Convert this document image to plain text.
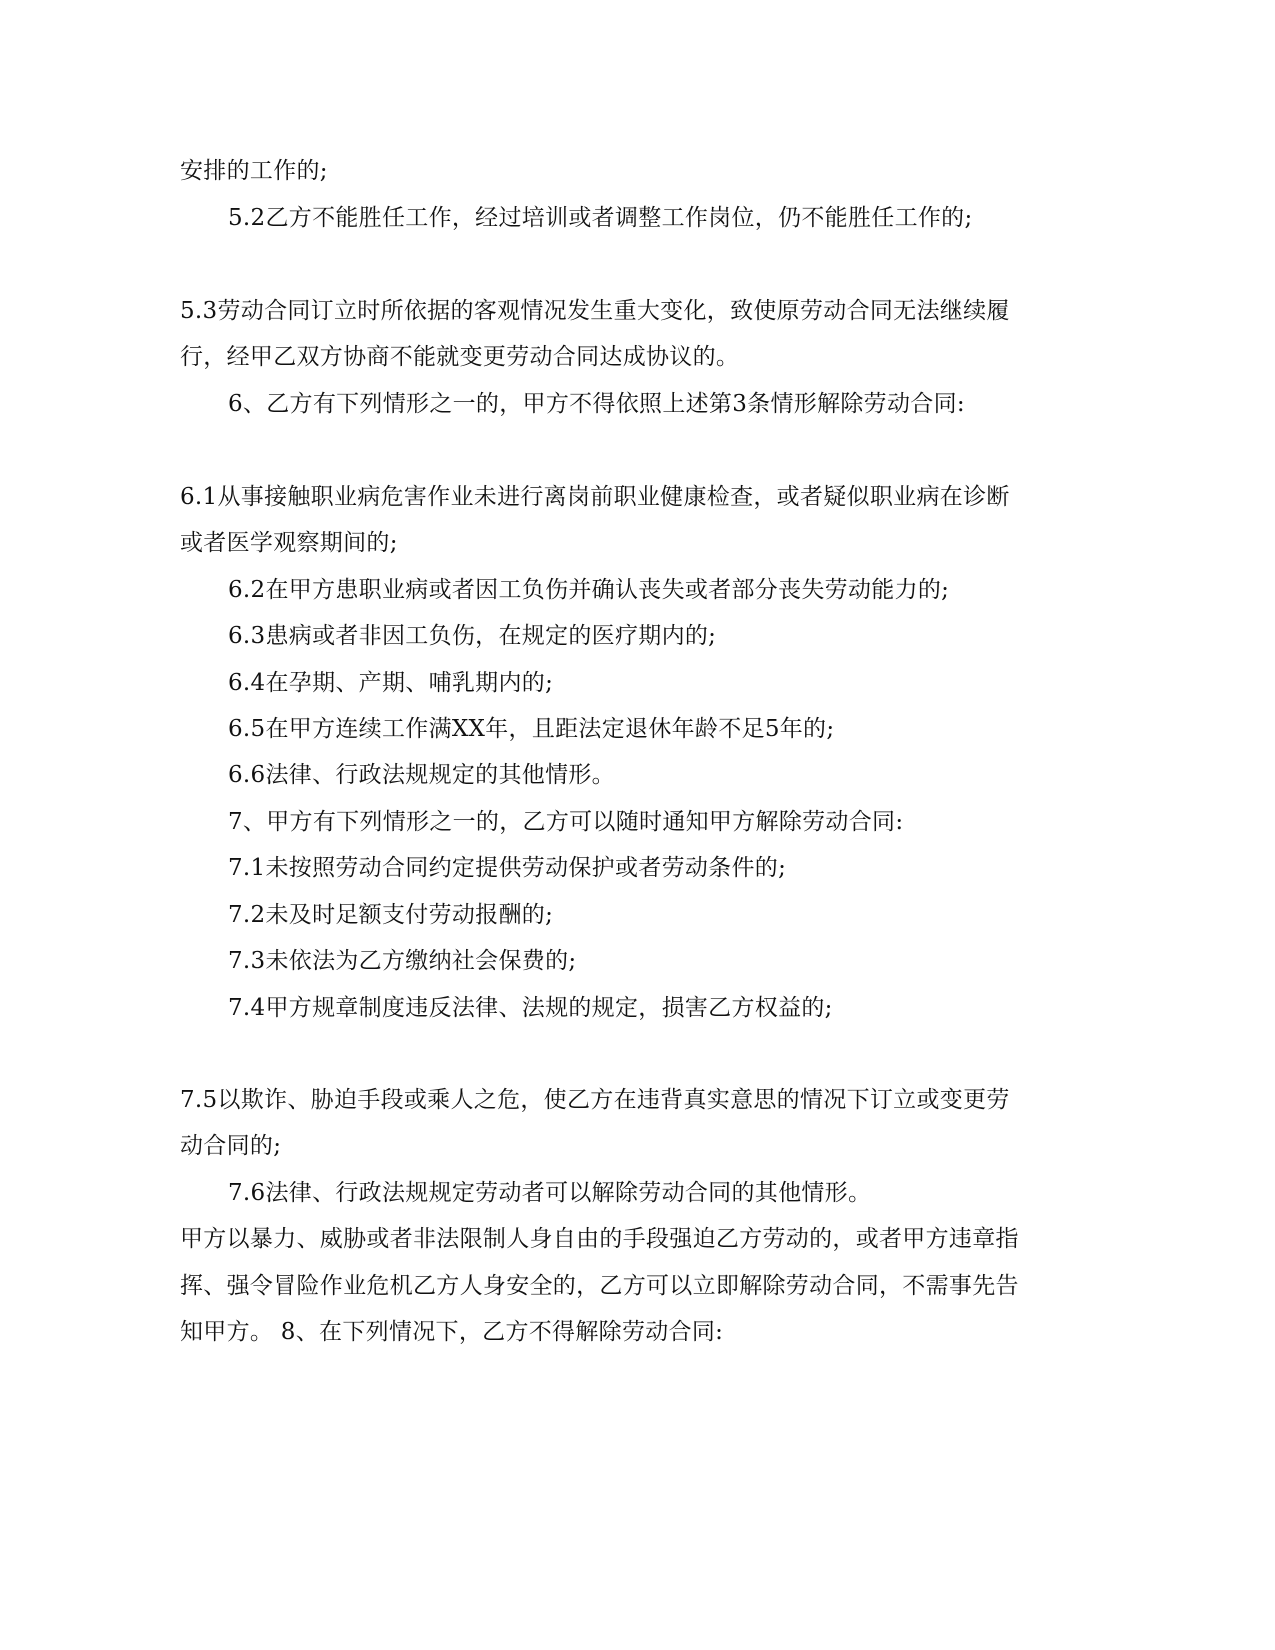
安排的工作的;
5.2乙方不能胜任工作，经过培训或者调整工作岗位，仍不能胜任工作的;
5.3劳动合同订立时所依据的客观情况发生重大变化，致使原劳动合同无法继续履
行，经甲乙双方协商不能就变更劳动合同达成协议的。
6、乙方有下列情形之一的，甲方不得依照上述第3条情形解除劳动合同:
6.1从事接触职业病危害作业未进行离岗前职业健康检查，或者疑似职业病在诊断
或者医学观察期间的;
6.2在甲方患职业病或者因工负伤并确认丧失或者部分丧失劳动能力的;
6.3患病或者非因工负伤，在规定的医疗期内的;
6.4在孕期、产期、哺乳期内的;
6.5在甲方连续工作满XX年，且距法定退休年龄不足5年的;
6.6法律、行政法规规定的其他情形。
7、甲方有下列情形之一的，乙方可以随时通知甲方解除劳动合同:
7.1未按照劳动合同约定提供劳动保护或者劳动条件的;
7.2未及时足额支付劳动报酬的;
7.3未依法为乙方缴纳社会保费的;
7.4甲方规章制度违反法律、法规的规定，损害乙方权益的;
7.5以欺诈、胁迫手段或乘人之危，使乙方在违背真实意思的情况下订立或变更劳
动合同的;
7.6法律、行政法规规定劳动者可以解除劳动合同的其他情形。
甲方以暴力、威胁或者非法限制人身自由的手段强迫乙方劳动的，或者甲方违章指
挥、强令冒险作业危机乙方人身安全的，乙方可以立即解除劳动合同，不需事先告
知甲方。 8、在下列情况下，乙方不得解除劳动合同:
